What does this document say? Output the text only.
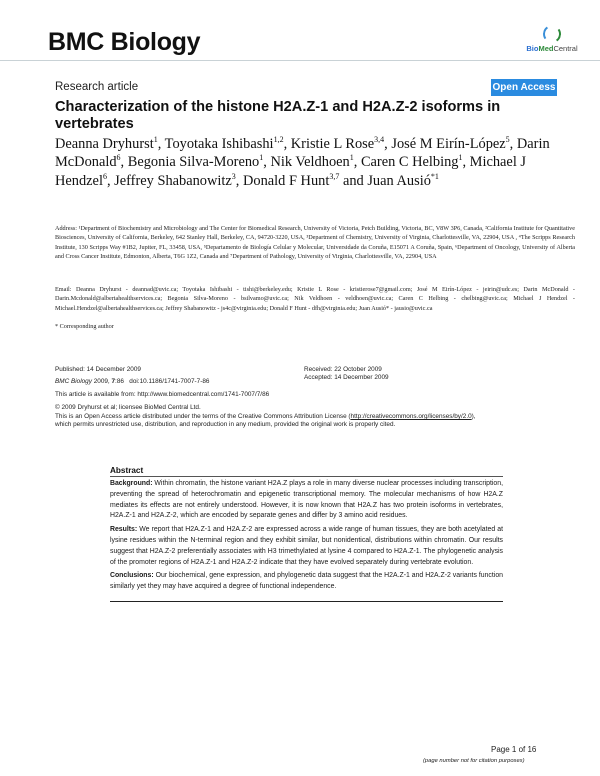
BMC Biology	BioMedCentral
Research article	Open Access
Characterization of the histone H2A.Z-1 and H2A.Z-2 isoforms in vertebrates
Deanna Dryhurst$^1$, Toyotaka Ishibashi$^{1,2}$, Kristie L Rose$^{3,4}$, José M Eirín-López$^5$, Darin McDonald$^6$, Begonia Silva-Moreno$^1$, Nik Veldhoen$^1$, Caren C Helbing$^1$, Michael J Hendzel$^6$, Jeffrey Shabanowitz$^3$, Donald F Hunt$^{3,7}$ and Juan Ausió$^{*1}$
Address: ¹Department of Biochemistry and Microbiology and The Center for Biomedical Research, University of Victoria, Petch Building, Victoria, BC, V8W 3P6, Canada, ²California Institute for Quantitative Biosciences, University of California, Berkeley, 642 Stanley Hall, Berkeley, CA, 94720-3220, USA, ³Department of Chemistry, University of Virginia, Charlottesville, VA, 22904, USA , ⁴The Scripps Research Institute, 130 Scripps Way #1B2, Jupiter, FL, 33458, USA, ⁵Departamento de Biología Celular y Molecular, Universidade da Coruña, E15071 A Coruña, Spain, ⁶Department of Oncology, University of Alberta and Cross Cancer Institute, Edmonton, Alberta, T6G 1Z2, Canada and ⁷Department of Pathology, University of Virginia, Charlottesville, VA, 22904, USA
Email: Deanna Dryhurst - deannad@uvic.ca; Toyotaka Ishibashi - tishi@berkeley.edu; Kristie L Rose - kristierose7@gmail.com; José M Eirín-López - jeirin@udc.es; Darin McDonald - Darin.Mcdonald@albertahealthservices.ca; Begonia Silva-Moreno - bsilvamo@uvic.ca; Nik Veldhoen - veldhoen@uvic.ca; Caren C Helbing - chelbing@uvic.ca; Michael J Hendzel - Michael.Hendzel@albertahealthservices.ca; Jeffrey Shabanowitz - js4c@virginia.edu; Donald F Hunt - dfh@virginia.edu; Juan Ausió* - jausio@uvic.ca
* Corresponding author
Published: 14 December 2009
BMC Biology 2009, 7:86 doi:10.1186/1741-7007-7-86
Received: 22 October 2009
Accepted: 14 December 2009
This article is available from: http://www.biomedcentral.com/1741-7007/7/86
© 2009 Dryhurst et al; licensee BioMed Central Ltd.
This is an Open Access article distributed under the terms of the Creative Commons Attribution License (http://creativecommons.org/licenses/by/2.0),
which permits unrestricted use, distribution, and reproduction in any medium, provided the original work is properly cited.
Abstract
Background: Within chromatin, the histone variant H2A.Z plays a role in many diverse nuclear processes including transcription, preventing the spread of heterochromatin and epigenetic transcriptional memory. The molecular mechanisms of how H2A.Z mediates its effects are not entirely understood. However, it is now known that H2A.Z has two protein isoforms in vertebrates, H2A.Z-1 and H2A.Z-2, which are encoded by separate genes and differ by 3 amino acid residues.
Results: We report that H2A.Z-1 and H2A.Z-2 are expressed across a wide range of human tissues, they are both acetylated at lysine residues within the N-terminal region and they exhibit similar, but nonidentical, distributions within chromatin. Our results suggest that H2A.Z-2 preferentially associates with H3 trimethylated at lysine 4 compared to H2A.Z-1. The phylogenetic analysis of the promoter regions of H2A.Z-1 and H2A.Z-2 indicate that they have evolved separately during vertebrate evolution.
Conclusions: Our biochemical, gene expression, and phylogenetic data suggest that the H2A.Z-1 and H2A.Z-2 variants function similarly yet they may have acquired a degree of functional independence.
Page 1 of 16
(page number not for citation purposes)
